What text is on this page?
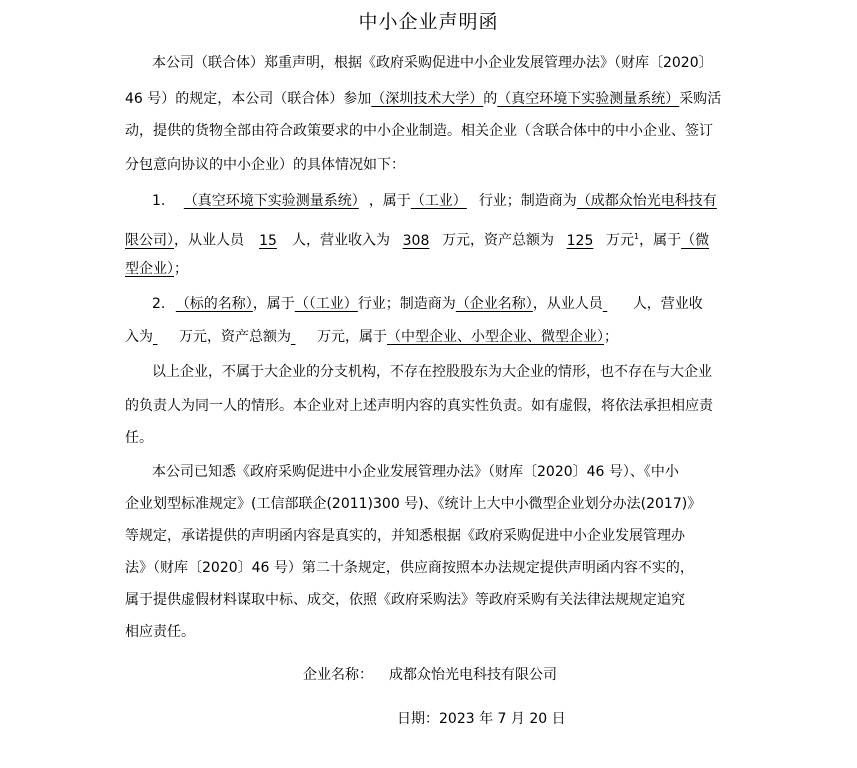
中小企业声明函
本公司（联合体）郑重声明，根据《政府采购促进中小企业发展管理办法》（财库〔2020〕
46 号）的规定，本公司（联合体）参加（深圳技术大学）的（真空环境下实验测量系统）采购活
动，提供的货物全部由符合政策要求的中小企业制造。相关企业（含联合体中的中小企业、签订
分包意向协议的中小企业）的具体情况如下：
1. （真空环境下实验测量系统） ，属于（工业） 行业；制造商为（成都众怡光电科技有
限公司），从业人员 15 人，营业收入为 308 万元，资产总额为 125 万元$^1$，属于（微
型企业）；
2. （标的名称），属于（（工业）行业；制造商为（企业名称），从业人员 人，营业收
入为 万元，资产总额为 万元，属于（中型企业、小型企业、微型企业）；
以上企业，不属于大企业的分支机构，不存在控股股东为大企业的情形，也不存在与大企业
的负责人为同一人的情形。本企业对上述声明内容的真实性负责。如有虚假，将依法承担相应责
任。
本公司已知悉《政府采购促进中小企业发展管理办法》（财库〔2020〕46 号）、《中小
企业划型标准规定》(工信部联企(2011)300 号)、《统计上大中小微型企业划分办法(2017)》
等规定，承诺提供的声明函内容是真实的，并知悉根据《政府采购促进中小企业发展管理办
法》（财库〔2020〕46 号）第二十条规定，供应商按照本办法规定提供声明函内容不实的，
属于提供虚假材料谋取中标、成交，依照《政府采购法》等政府采购有关法律法规规定追究
相应责任。
企业名称： 成都众怡光电科技有限公司
日期：2023 年 7 月 20 日
